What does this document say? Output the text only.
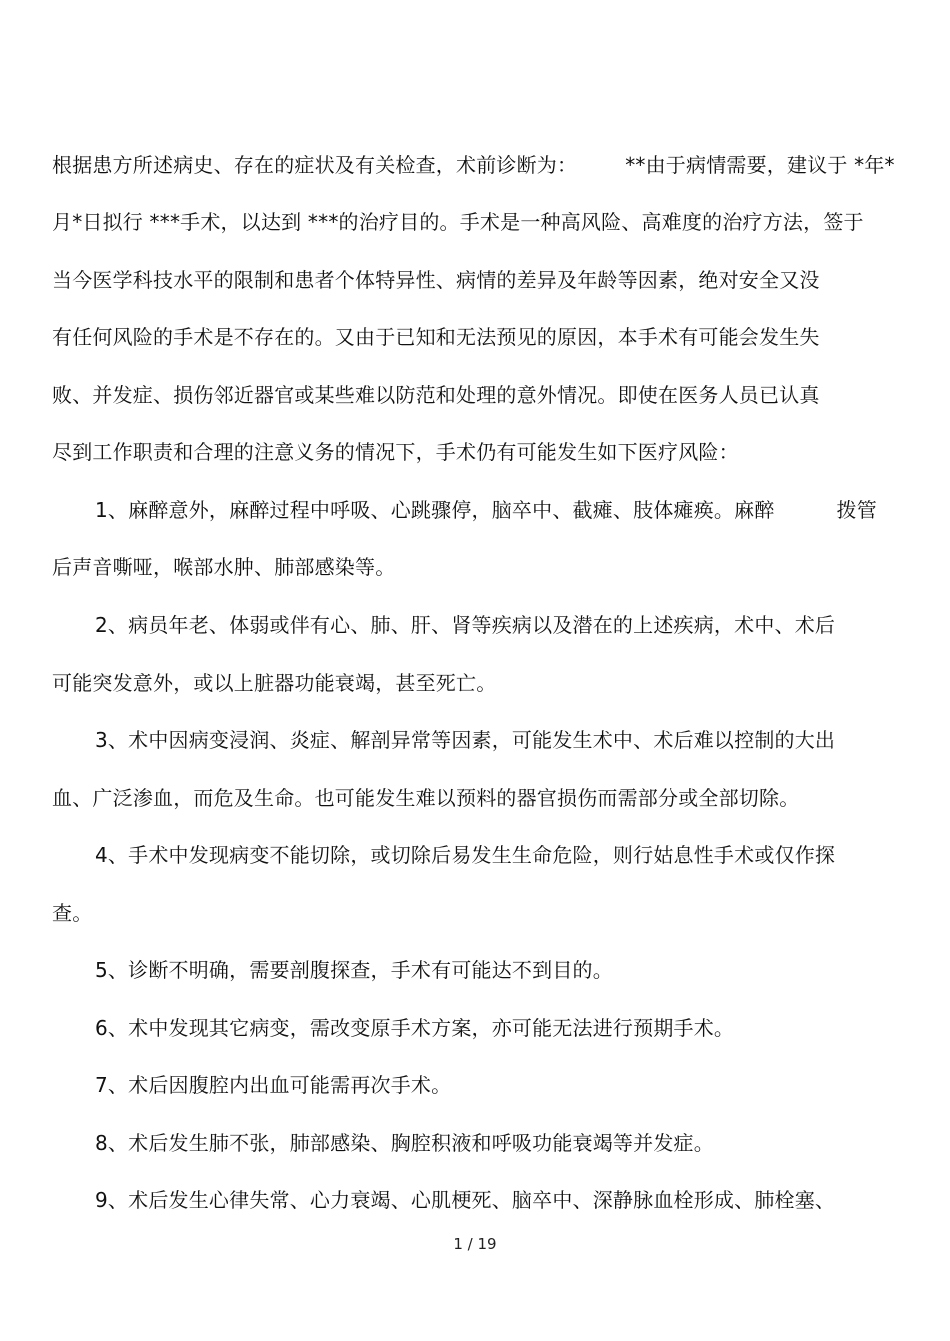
根据患方所述病史、存在的症状及有关检查，术前诊断为： **由于病情需要，建议于 *年*
月*日拟行 ***手术，以达到 ***的治疗目的。手术是一种高风险、高难度的治疗方法，签于
当今医学科技水平的限制和患者个体特异性、病情的差异及年龄等因素，绝对安全又没
有任何风险的手术是不存在的。又由于已知和无法预见的原因，本手术有可能会发生失
败、并发症、损伤邻近器官或某些难以防范和处理的意外情况。即使在医务人员已认真
尽到工作职责和合理的注意义务的情况下，手术仍有可能发生如下医疗风险：
1、麻醉意外，麻醉过程中呼吸、心跳骤停，脑卒中、截瘫、肢体瘫痪。麻醉	拨管
后声音嘶哑，喉部水肿、肺部感染等。
2、病员年老、体弱或伴有心、肺、肝、肾等疾病以及潜在的上述疾病，术中、术后
可能突发意外，或以上脏器功能衰竭，甚至死亡。
3、术中因病变浸润、炎症、解剖异常等因素，可能发生术中、术后难以控制的大出
血、广泛渗血，而危及生命。也可能发生难以预料的器官损伤而需部分或全部切除。
4、手术中发现病变不能切除，或切除后易发生生命危险，则行姑息性手术或仅作探
查。
5、诊断不明确，需要剖腹探查，手术有可能达不到目的。
6、术中发现其它病变，需改变原手术方案，亦可能无法进行预期手术。
7、术后因腹腔内出血可能需再次手术。
8、术后发生肺不张，肺部感染、胸腔积液和呼吸功能衰竭等并发症。
9、术后发生心律失常、心力衰竭、心肌梗死、脑卒中、深静脉血栓形成、肺栓塞、
1 / 19
